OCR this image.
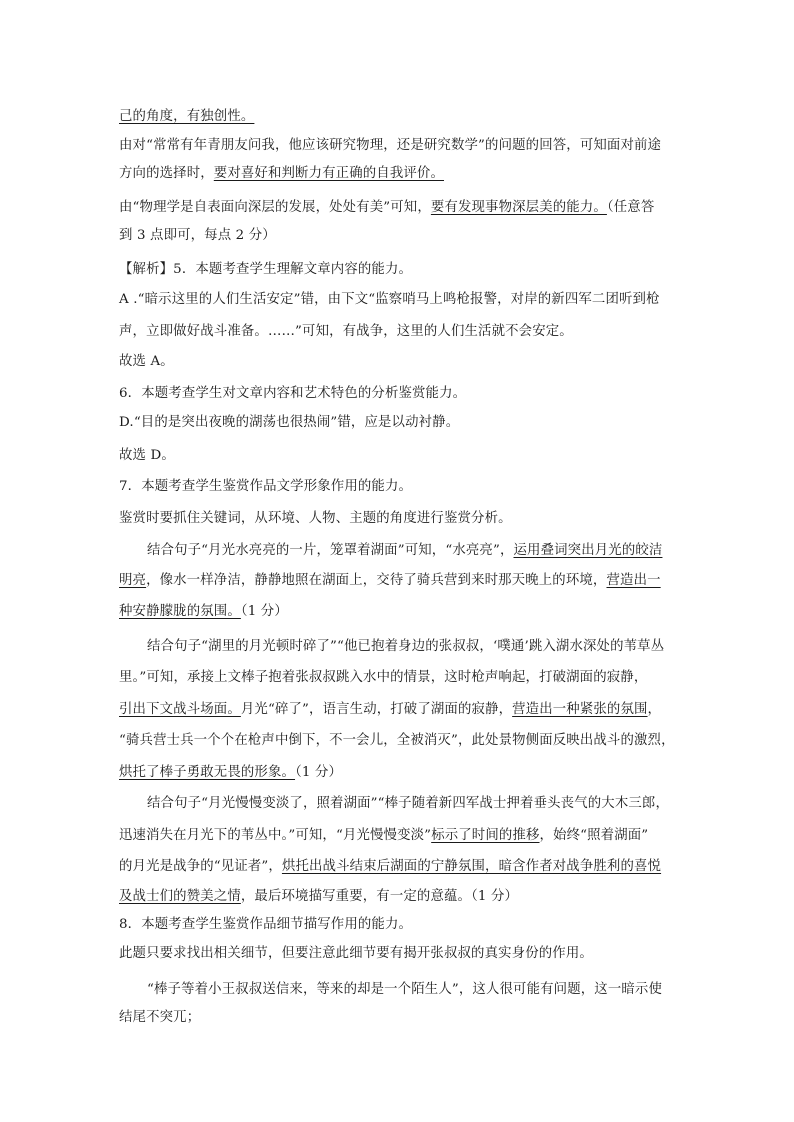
己的角度，有独创性。
由对“常常有年青朋友问我，他应该研究物理，还是研究数学”的问题的回答，可知面对前途
方向的选择时，要对喜好和判断力有正确的自我评价。
由“物理学是自表面向深层的发展，处处有美”可知，要有发现事物深层美的能力。（任意答
到 3 点即可，每点 2 分）
【解析】5．本题考查学生理解文章内容的能力。
A .“暗示这里的人们生活安定”错，由下文“监察哨马上鸣枪报警，对岸的新四军二团听到枪
声，立即做好战斗准备。……”可知，有战争，这里的人们生活就不会安定。
故选 A。
6．本题考查学生对文章内容和艺术特色的分析鉴赏能力。
D.“目的是突出夜晚的湖荡也很热闹”错，应是以动衬静。
故选 D。
7．本题考查学生鉴赏作品文学形象作用的能力。
鉴赏时要抓住关键词，从环境、人物、主题的角度进行鉴赏分析。
结合句子“月光水亮亮的一片，笼罩着湖面”可知，“水亮亮”，运用叠词突出月光的皎洁
明亮，像水一样净洁，静静地照在湖面上，交待了骑兵营到来时那天晚上的环境，营造出一
种安静朦胧的氛围。（1 分）
结合句子“湖里的月光顿时碎了”“他已抱着身边的张叔叔，‘噗通’跳入湖水深处的苇草丛
里。”可知，承接上文棒子抱着张叔叔跳入水中的情景，这时枪声响起，打破湖面的寂静，
引出下文战斗场面。月光“碎了”，语言生动，打破了湖面的寂静，营造出一种紧张的氛围，
“骑兵营士兵一个个在枪声中倒下，不一会儿，全被消灭”，此处景物侧面反映出战斗的激烈，
烘托了棒子勇敢无畏的形象。（1 分）
结合句子“月光慢慢变淡了，照着湖面”“棒子随着新四军战士押着垂头丧气的大木三郎，
迅速消失在月光下的苇丛中。”可知，“月光慢慢变淡”标示了时间的推移，始终“照着湖面”
的月光是战争的“见证者”，烘托出战斗结束后湖面的宁静氛围，暗含作者对战争胜利的喜悦
及战士们的赞美之情，最后环境描写重要，有一定的意蕴。（1 分）
8．本题考查学生鉴赏作品细节描写作用的能力。
此题只要求找出相关细节，但要注意此细节要有揭开张叔叔的真实身份的作用。
“棒子等着小王叔叔送信来，等来的却是一个陌生人”，这人很可能有问题，这一暗示使
结尾不突兀；
